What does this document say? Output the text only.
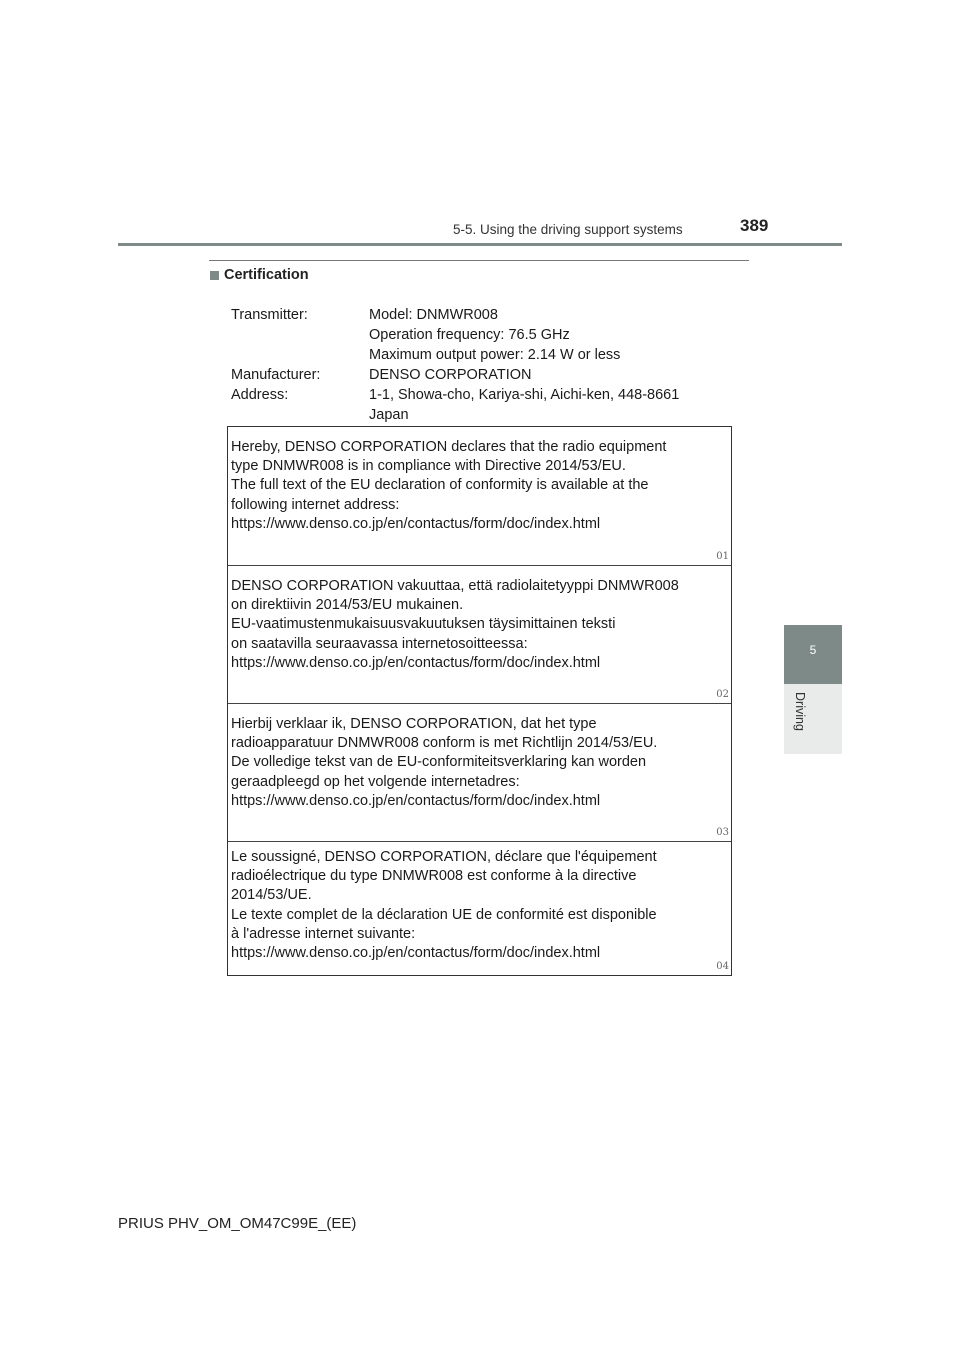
5-5. Using the driving support systems	389
Certification
Transmitter:	Model: DNMWR008
Operation frequency: 76.5 GHz
Maximum output power: 2.14 W or less
Manufacturer:	DENSO CORPORATION
Address:	1-1, Showa-cho, Kariya-shi, Aichi-ken, 448-8661
Japan
Hereby, DENSO CORPORATION declares that the radio equipment
type DNMWR008 is in compliance with Directive 2014/53/EU.
The full text of the EU declaration of conformity is available at the
following internet address:
https://www.denso.co.jp/en/contactus/form/doc/index.html
01
DENSO CORPORATION vakuuttaa, että radiolaitetyyppi DNMWR008
on direktiivin 2014/53/EU mukainen.
EU-vaatimustenmukaisuusvakuutuksen täysimittainen teksti
on saatavilla seuraavassa internetosoitteessa:
https://www.denso.co.jp/en/contactus/form/doc/index.html
02
Hierbij verklaar ik, DENSO CORPORATION, dat het type
radioapparatuur DNMWR008 conform is met Richtlijn 2014/53/EU.
De volledige tekst van de EU-conformiteitsverklaring kan worden
geraadpleegd op het volgende internetadres:
https://www.denso.co.jp/en/contactus/form/doc/index.html
03
Le soussigné, DENSO CORPORATION, déclare que l'équipement
radioélectrique du type DNMWR008 est conforme à la directive
2014/53/UE.
Le texte complet de la déclaration UE de conformité est disponible
à l'adresse internet suivante:
https://www.denso.co.jp/en/contactus/form/doc/index.html
04
5
Driving
PRIUS PHV_OM_OM47C99E_(EE)
